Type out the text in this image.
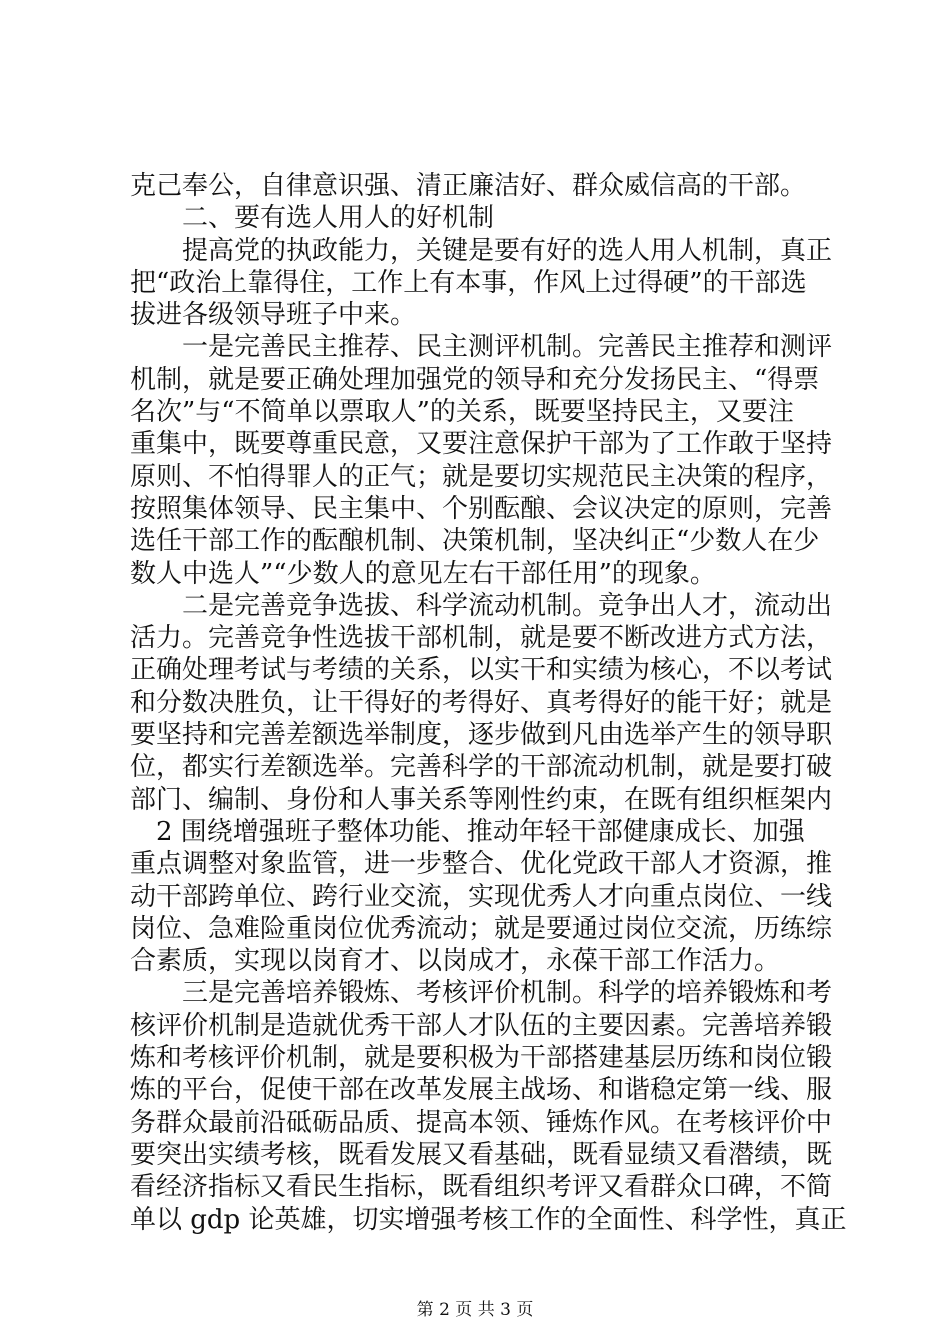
克己奉公，自律意识强、清正廉洁好、群众威信高的干部。
　　二、要有选人用人的好机制
　　提高党的执政能力，关键是要有好的选人用人机制，真正
把“政治上靠得住，工作上有本事，作风上过得硬”的干部选
拔进各级领导班子中来。
　　一是完善民主推荐、民主测评机制。完善民主推荐和测评
机制，就是要正确处理加强党的领导和充分发扬民主、“得票
名次”与“不简单以票取人”的关系，既要坚持民主，又要注
重集中，既要尊重民意，又要注意保护干部为了工作敢于坚持
原则、不怕得罪人的正气；就是要切实规范民主决策的程序，
按照集体领导、民主集中、个别酝酿、会议决定的原则，完善
选任干部工作的酝酿机制、决策机制，坚决纠正“少数人在少
数人中选人”“少数人的意见左右干部任用”的现象。
　　二是完善竞争选拔、科学流动机制。竞争出人才，流动出
活力。完善竞争性选拔干部机制，就是要不断改进方式方法，
正确处理考试与考绩的关系，以实干和实绩为核心，不以考试
和分数决胜负，让干得好的考得好、真考得好的能干好；就是
要坚持和完善差额选举制度，逐步做到凡由选举产生的领导职
位，都实行差额选举。完善科学的干部流动机制，就是要打破
部门、编制、身份和人事关系等刚性约束，在既有组织框架内
　2 围绕增强班子整体功能、推动年轻干部健康成长、加强
重点调整对象监管，进一步整合、优化党政干部人才资源，推
动干部跨单位、跨行业交流，实现优秀人才向重点岗位、一线
岗位、急难险重岗位优秀流动；就是要通过岗位交流，历练综
合素质，实现以岗育才、以岗成才，永葆干部工作活力。
　　三是完善培养锻炼、考核评价机制。科学的培养锻炼和考
核评价机制是造就优秀干部人才队伍的主要因素。完善培养锻
炼和考核评价机制，就是要积极为干部搭建基层历练和岗位锻
炼的平台，促使干部在改革发展主战场、和谐稳定第一线、服
务群众最前沿砥砺品质、提高本领、锤炼作风。在考核评价中
要突出实绩考核，既看发展又看基础，既看显绩又看潜绩，既
看经济指标又看民生指标，既看组织考评又看群众口碑，不简
单以 gdp 论英雄，切实增强考核工作的全面性、科学性，真正
第 2 页 共 3 页
